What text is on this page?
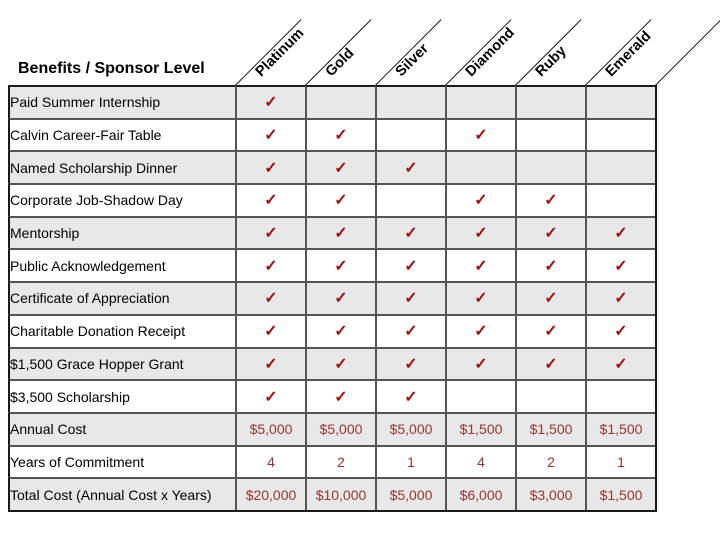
Benefits / Sponsor Level	Platinum Gold Silver Diamond Ruby Emerald
Paid Summer Internship	✓					
Calvin Career-Fair Table	✓	✓		✓		
Named Scholarship Dinner	✓	✓	✓			
Corporate Job-Shadow Day	✓	✓		✓	✓	
Mentorship	✓	✓	✓	✓	✓	✓
Public Acknowledgement	✓	✓	✓	✓	✓	✓
Certificate of Appreciation	✓	✓	✓	✓	✓	✓
Charitable Donation Receipt	✓	✓	✓	✓	✓	✓
$1,500 Grace Hopper Grant	✓	✓	✓	✓	✓	✓
$3,500 Scholarship	✓	✓	✓			
Annual Cost	$5,000	$5,000	$5,000	$1,500	$1,500	$1,500
Years of Commitment	4	2	1	4	2	1
Total Cost (Annual Cost x Years)	$20,000	$10,000	$5,000	$6,000	$3,000	$1,500
